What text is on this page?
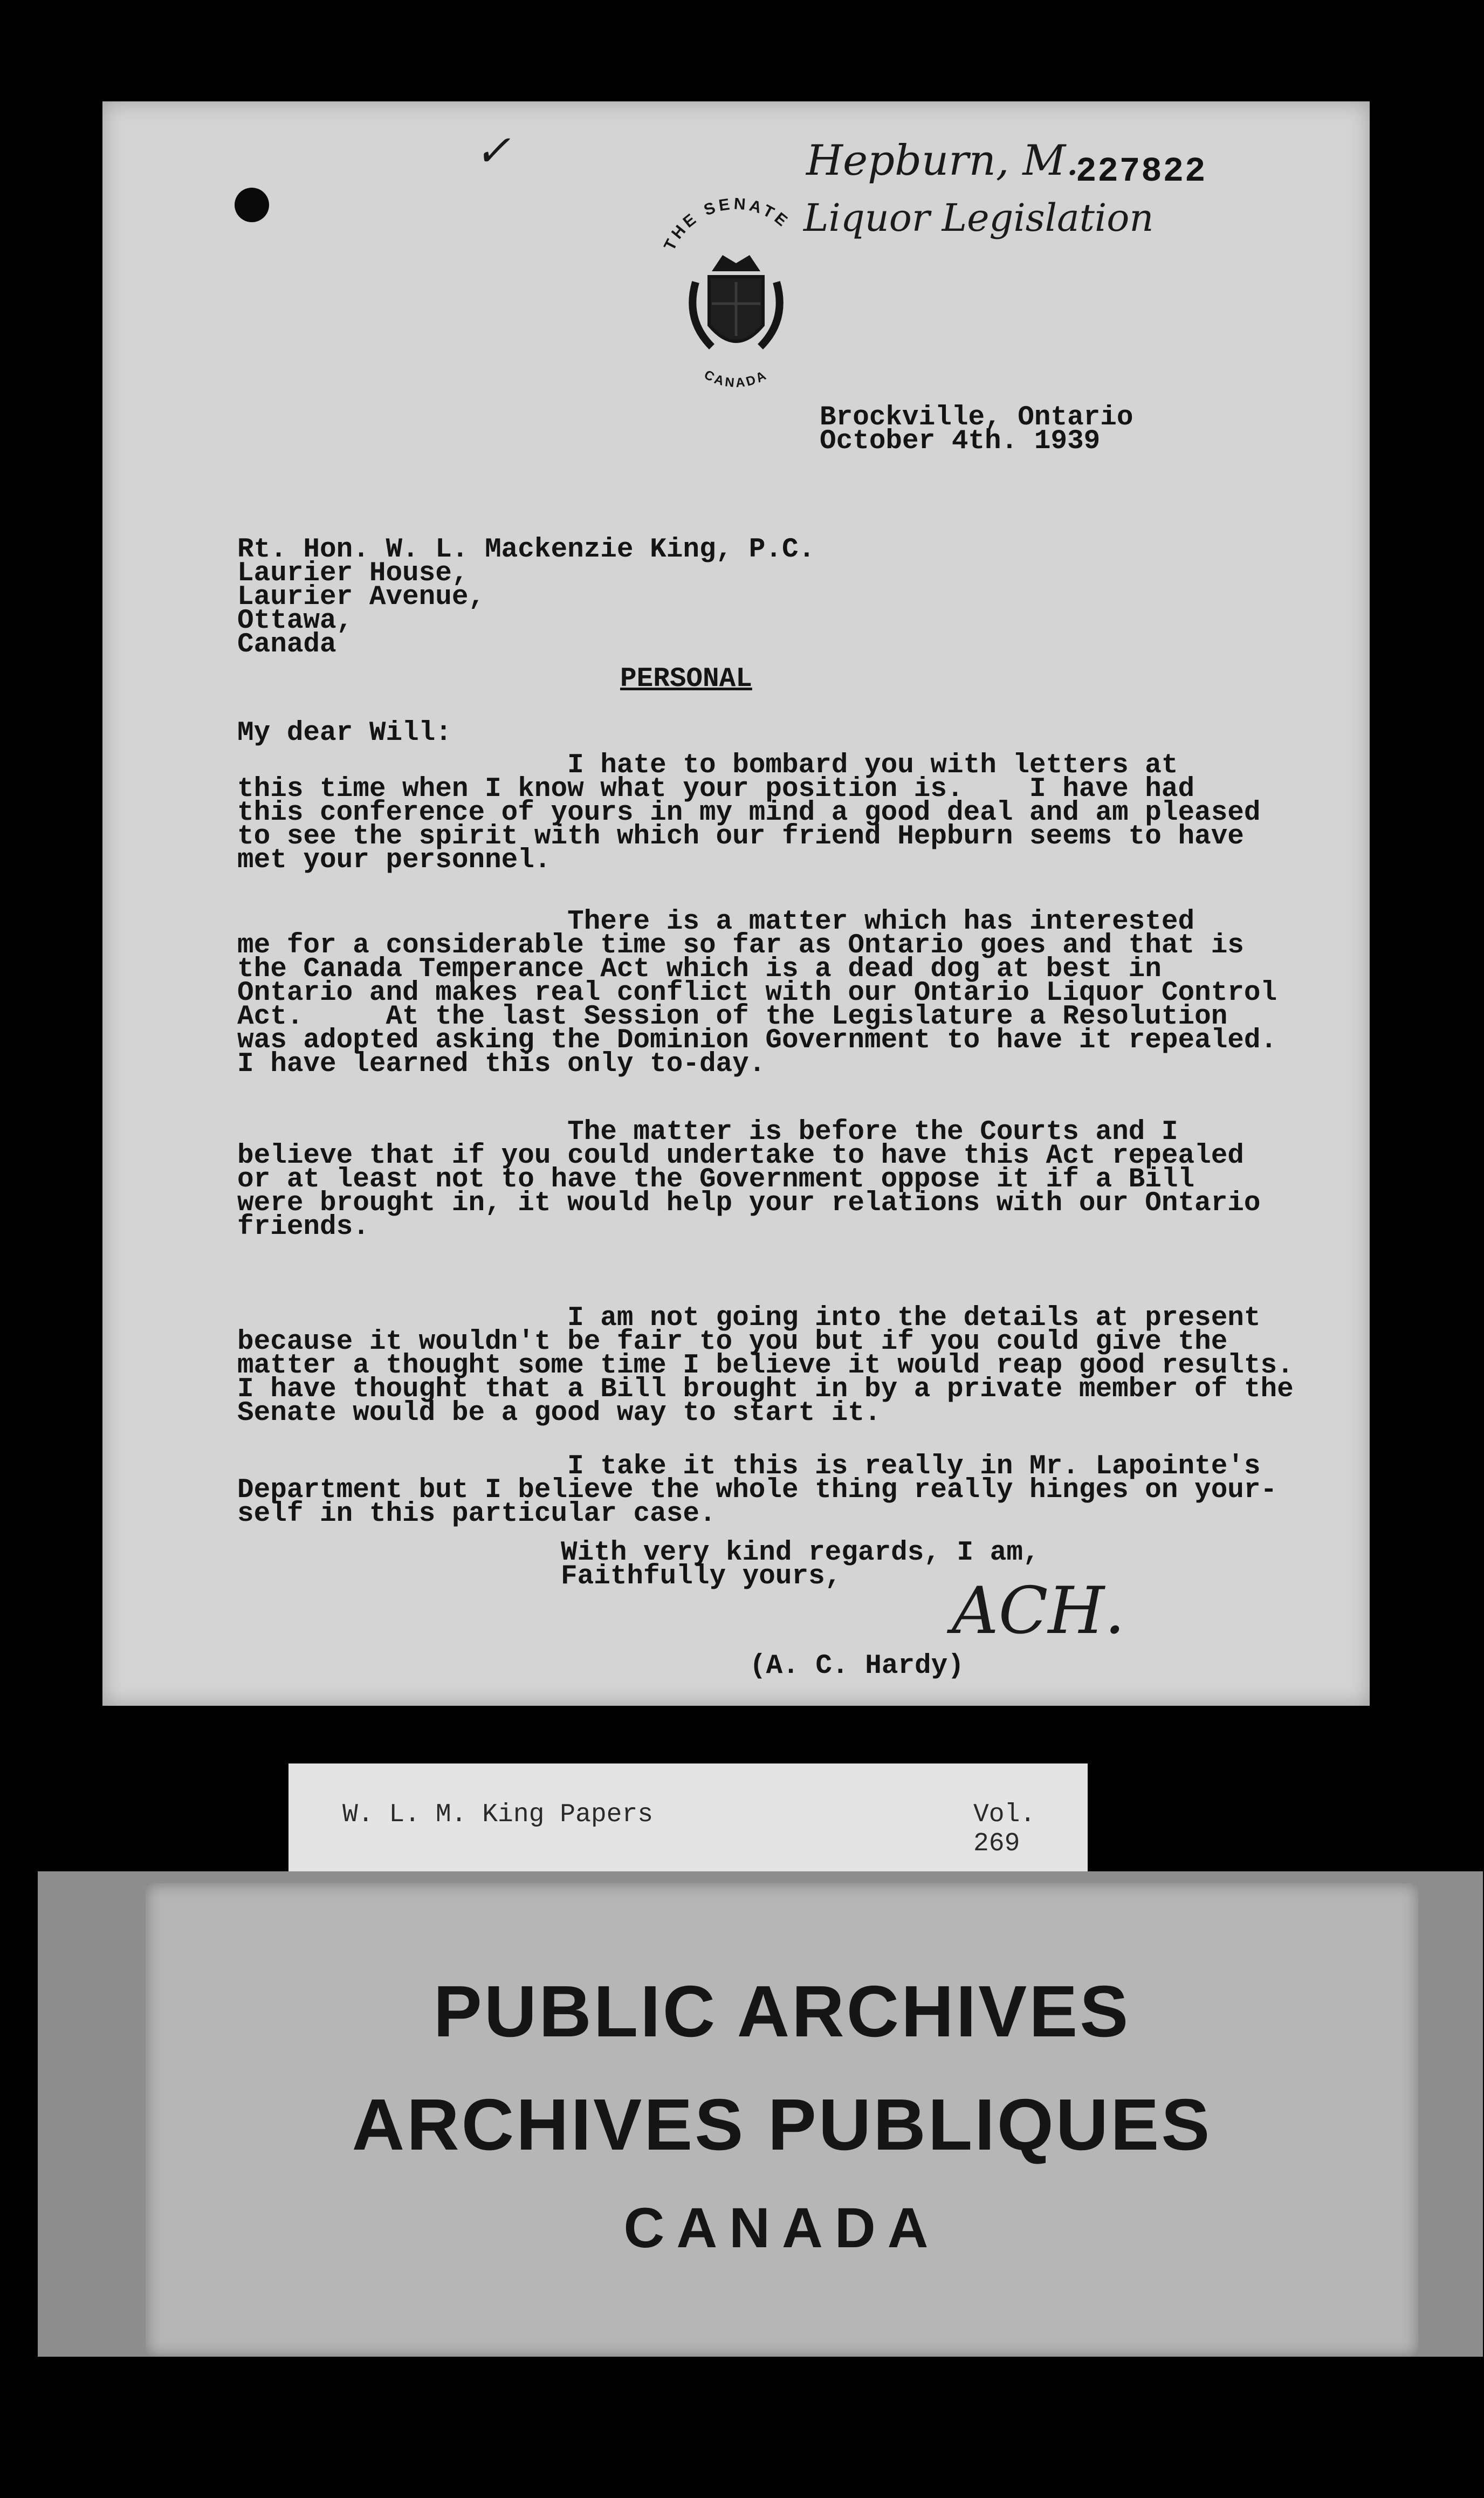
✓	Hepburn, M.
227822
Liquor Legislation
THE SENATE
CANADA
Brockville, Ontario
October 4th. 1939
Rt. Hon. W. L. Mackenzie King, P.C.
Laurier House,
Laurier Avenue,
Ottawa,
Canada
PERSONAL
My dear Will:
I hate to bombard you with letters at
this time when I know what your position is.    I have had
this conference of yours in my mind a good deal and am pleased
to see the spirit with which our friend Hepburn seems to have
met your personnel.
There is a matter which has interested
me for a considerable time so far as Ontario goes and that is
the Canada Temperance Act which is a dead dog at best in
Ontario and makes real conflict with our Ontario Liquor Control
Act.     At the last Session of the Legislature a Resolution
was adopted asking the Dominion Government to have it repealed.
I have learned this only to-day.
The matter is before the Courts and I
believe that if you could undertake to have this Act repealed
or at least not to have the Government oppose it if a Bill
were brought in, it would help your relations with our Ontario
friends.
I am not going into the details at present
because it wouldn't be fair to you but if you could give the
matter a thought some time I believe it would reap good results.
I have thought that a Bill brought in by a private member of the
Senate would be a good way to start it.
I take it this is really in Mr. Lapointe's
Department but I believe the whole thing really hinges on your-
self in this particular case.
With very kind regards, I am,
Faithfully yours,	ACH.
(A. C. Hardy)
W. L. M. King Papers	Vol. 269
PUBLIC ARCHIVES
ARCHIVES PUBLIQUES
CANADA
